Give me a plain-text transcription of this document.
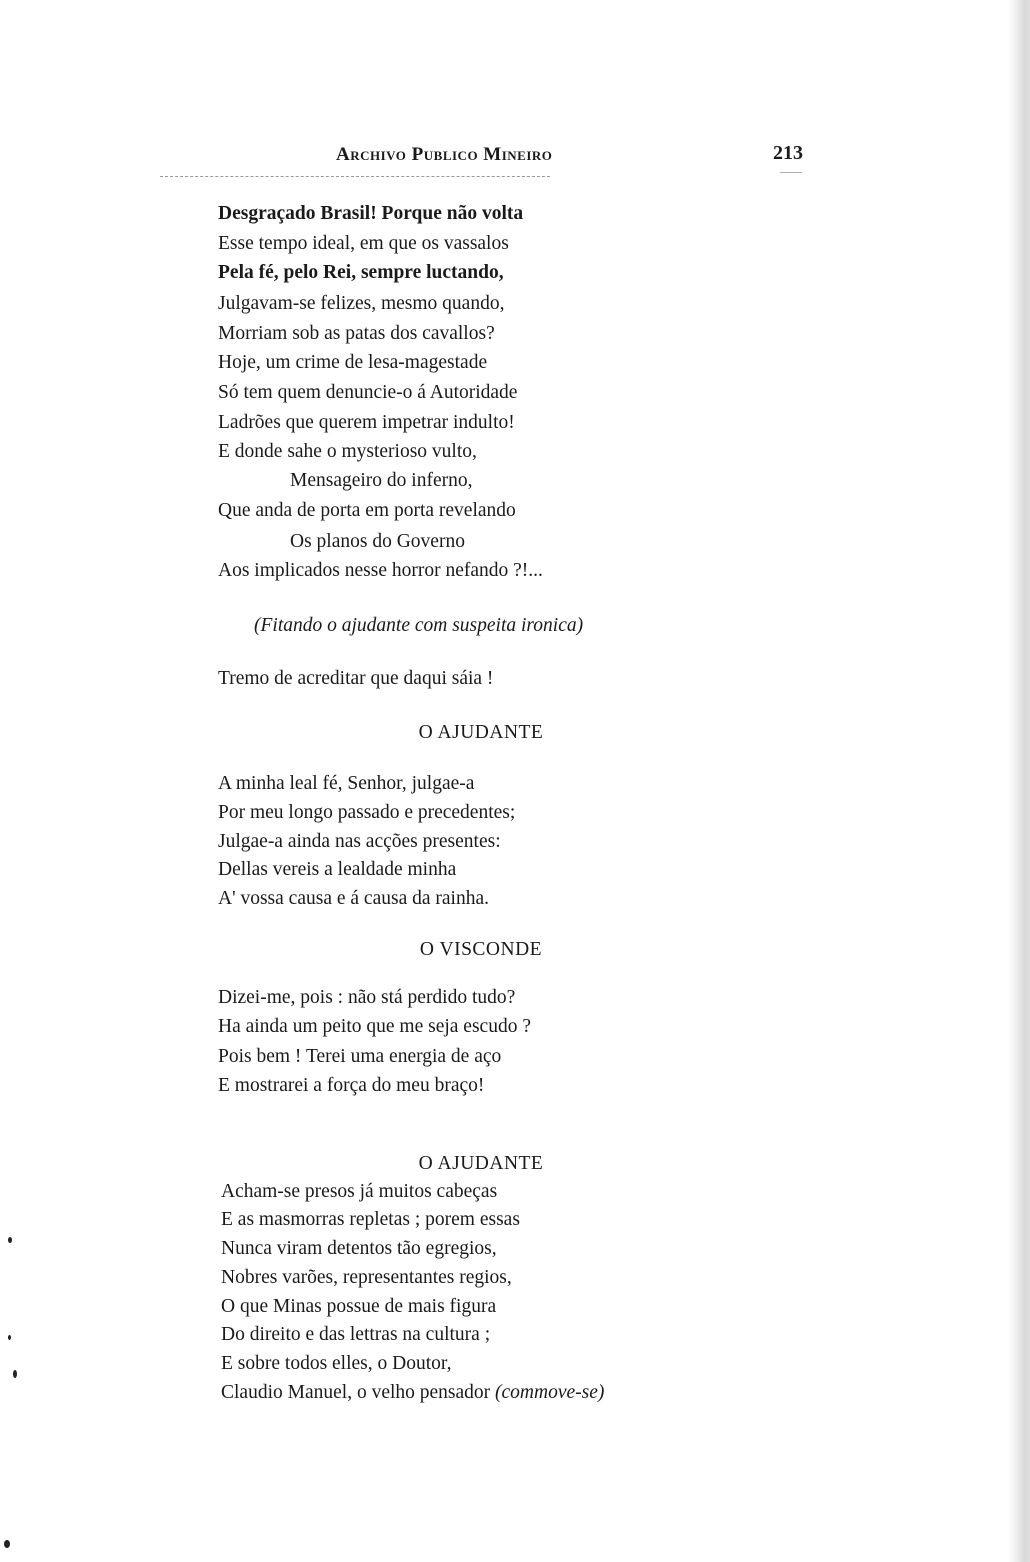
Archivo Publico Mineiro	213
Desgraçado Brasil! Porque não volta
Esse tempo ideal, em que os vassalos
Pela fé, pelo Rei, sempre luctando,
Julgavam-se felizes, mesmo quando,
Morriam sob as patas dos cavallos?
Hoje, um crime de lesa-magestade
Só tem quem denuncie-o á Autoridade
Ladrões que querem impetrar indulto!
E donde sahe o mysterioso vulto,
Mensageiro do inferno,
Que anda de porta em porta revelando
Os planos do Governo
Aos implicados nesse horror nefando ?!...
(Fitando o ajudante com suspeita ironica)
Tremo de acreditar que daqui sáia !
O AJUDANTE
A minha leal fé, Senhor, julgae-a
Por meu longo passado e precedentes;
Julgae-a ainda nas acções presentes:
Dellas vereis a lealdade minha
A' vossa causa e á causa da rainha.
O VISCONDE
Dizei-me, pois : não stá perdido tudo?
Ha ainda um peito que me seja escudo ?
Pois bem ! Terei uma energia de aço
E mostrarei a força do meu braço!
O AJUDANTE
Acham-se presos já muitos cabeças
E as masmorras repletas ; porem essas
Nunca viram detentos tão egregios,
Nobres varões, representantes regios,
O que Minas possue de mais figura
Do direito e das lettras na cultura ;
E sobre todos elles, o Doutor,
Claudio Manuel, o velho pensador (commove-se)
